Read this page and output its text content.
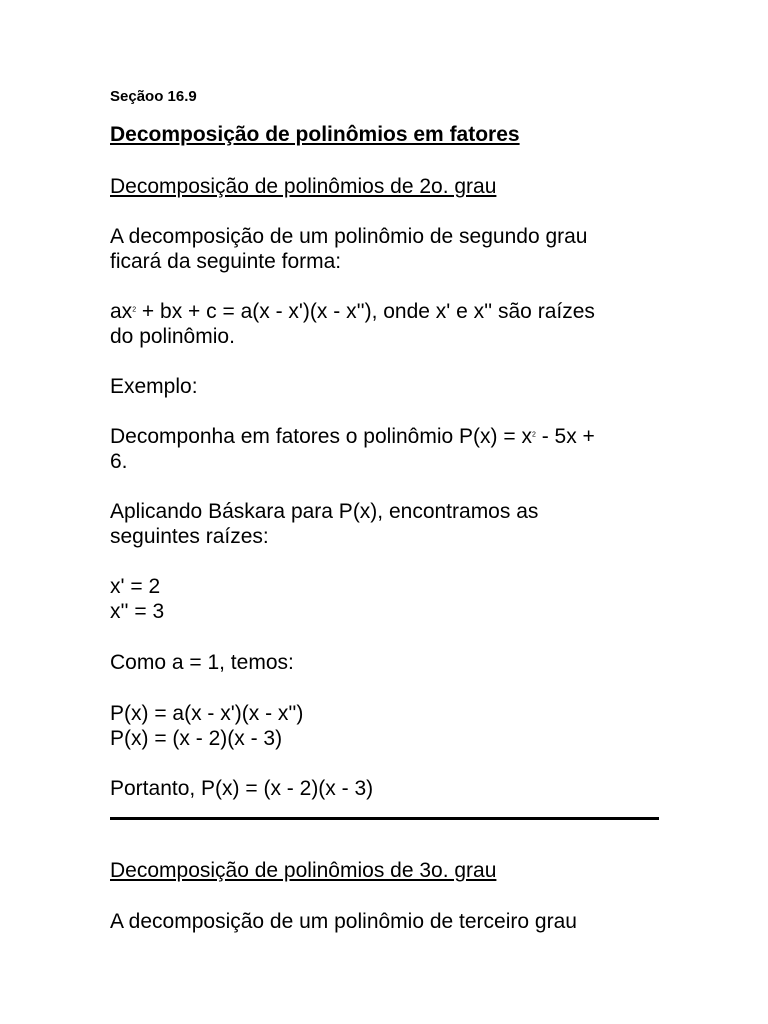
Seçãoo 16.9
Decomposição de polinômios em fatores
Decomposição de polinômios de 2o. grau
A decomposição de um polinômio de segundo grau
ficará da seguinte forma:
$ax^2$ + bx + c = a(x - x')(x - x''), onde x' e x'' são raízes
do polinômio.
Exemplo:
Decomponha em fatores o polinômio $P(x) = x^2 - 5x$ +
6.
Aplicando Báskara para P(x), encontramos as
seguintes raízes:
x' = 2
x'' = 3
Como a = 1, temos:
P(x) = a(x - x')(x - x'')
P(x) = (x - 2)(x - 3)
Portanto, P(x) = (x - 2)(x - 3)
Decomposição de polinômios de 3o. grau
A decomposição de um polinômio de terceiro grau
